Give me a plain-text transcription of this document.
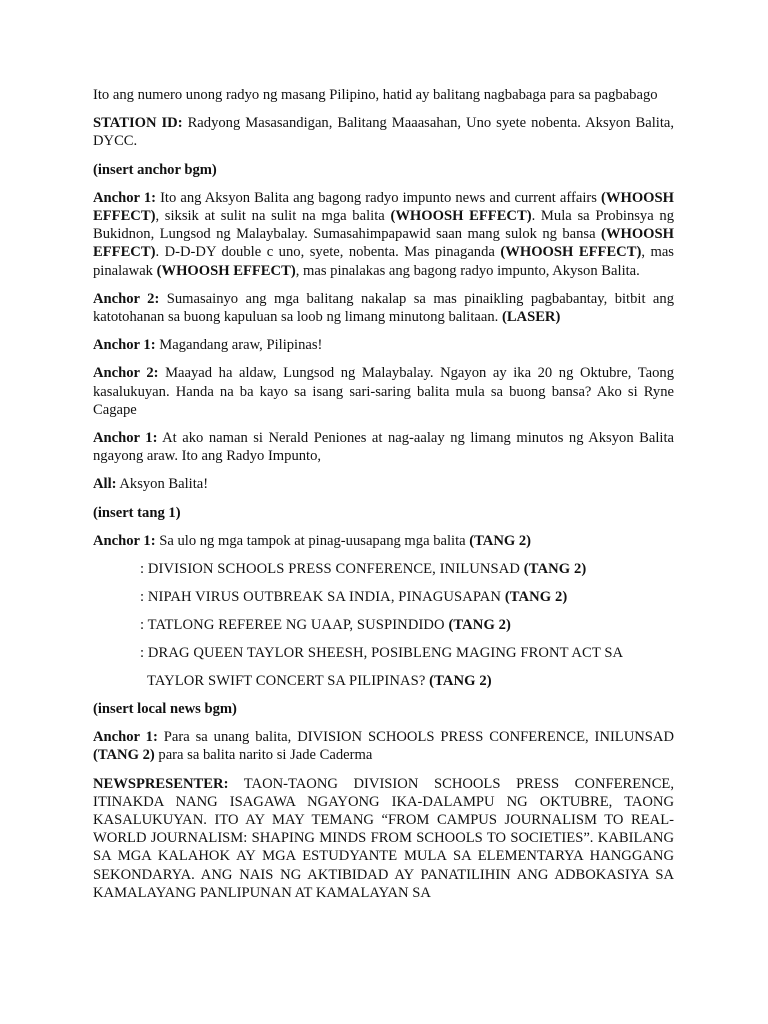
Ito ang numero unong radyo ng masang Pilipino, hatid ay balitang nagbabaga para sa pagbabago

STATION ID: Radyong Masasandigan, Balitang Maaasahan, Uno syete nobenta. Aksyon Balita, DYCC.

(insert anchor bgm)

Anchor 1: Ito ang Aksyon Balita ang bagong radyo impunto news and current affairs (WHOOSH EFFECT), siksik at sulit na sulit na mga balita (WHOOSH EFFECT). Mula sa Probinsya ng Bukidnon, Lungsod ng Malaybalay. Sumasahimpapawid saan mang sulok ng bansa (WHOOSH EFFECT). D-D-DY double c uno, syete, nobenta. Mas pinaganda (WHOOSH EFFECT), mas pinalawak (WHOOSH EFFECT), mas pinalakas ang bagong radyo impunto, Akyson Balita.

Anchor 2: Sumasainyo ang mga balitang nakalap sa mas pinaikling pagbabantay, bitbit ang katotohanan sa buong kapuluan sa loob ng limang minutong balitaan. (LASER)

Anchor 1: Magandang araw, Pilipinas!

Anchor 2: Maayad ha aldaw, Lungsod ng Malaybalay. Ngayon ay ika 20 ng Oktubre, Taong kasalukuyan. Handa na ba kayo sa isang sari-saring balita mula sa buong bansa? Ako si Ryne Cagape

Anchor 1: At ako naman si Nerald Peniones at nag-aalay ng limang minutos ng Aksyon Balita ngayong araw. Ito ang Radyo Impunto,

All: Aksyon Balita!

(insert tang 1)

Anchor 1: Sa ulo ng mga tampok at pinag-uusapang mga balita (TANG 2)

: DIVISION SCHOOLS PRESS CONFERENCE, INILUNSAD (TANG 2)
: NIPAH VIRUS OUTBREAK SA INDIA, PINAGUSAPAN (TANG 2)
: TATLONG REFEREE NG UAAP, SUSPINDIDO (TANG 2)
: DRAG QUEEN TAYLOR SHEESH, POSIBLENG MAGING FRONT ACT SA
TAYLOR SWIFT CONCERT SA PILIPINAS? (TANG 2)

(insert local news bgm)

Anchor 1: Para sa unang balita, DIVISION SCHOOLS PRESS CONFERENCE, INILUNSAD (TANG 2) para sa balita narito si Jade Caderma

NEWSPRESENTER: TAON-TAONG DIVISION SCHOOLS PRESS CONFERENCE, ITINAKDA NANG ISAGAWA NGAYONG IKA-DALAMPU NG OKTUBRE, TAONG KASALUKUYAN. ITO AY MAY TEMANG “FROM CAMPUS JOURNALISM TO REAL-WORLD JOURNALISM: SHAPING MINDS FROM SCHOOLS TO SOCIETIES”. KABILANG SA MGA KALAHOK AY MGA ESTUDYANTE MULA SA ELEMENTARYA HANGGANG SEKONDARYA. ANG NAIS NG AKTIBIDAD AY PANATILIHIN ANG ADBOKASIYA SA KAMALAYANG PANLIPUNAN AT KAMALAYAN SA
